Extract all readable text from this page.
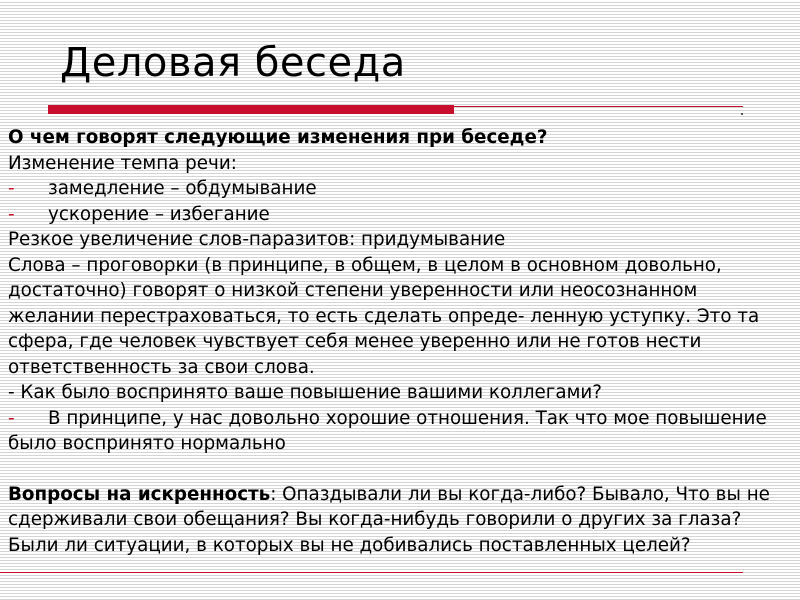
Деловая беседа

О чем говорят следующие изменения при беседе?

Изменение темпа речи:

-	замедление – обдумывание
-	ускорение – избегание

Резкое увеличение слов-паразитов: придумывание

Слова – проговорки (в принципе, в общем, в целом в основном довольно, достаточно) говорят о низкой степени уверенности или неосознанном желании перестраховаться, то есть сделать опреде- ленную уступку. Это та сфера, где человек чувствует себя менее уверенно или не готов нести ответственность за свои слова.

- Как было воспринято ваше повышение вашими коллегами?

- В принципе, у нас довольно хорошие отношения. Так что мое повышение было воспринято нормально

Вопросы на искренность: Опаздывали ли вы когда-либо? Бывало, Что вы не сдерживали свои обещания? Вы когда-нибудь говорили о других за глаза? Были ли ситуации, в которых вы не добивались поставленных целей?
